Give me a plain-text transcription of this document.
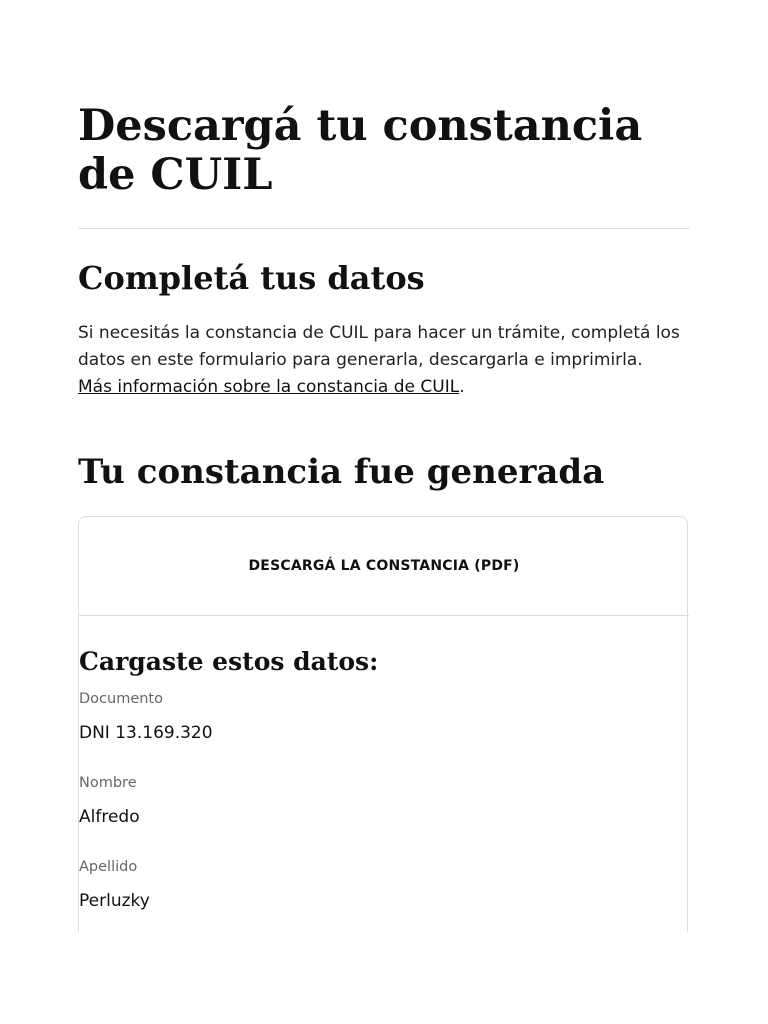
Descargá tu constancia de CUIL
Completá tus datos

Si necesitás la constancia de CUIL para hacer un trámite, completá los datos en este formulario para generarla, descargarla e imprimirla.
Más información sobre la constancia de CUIL.

Tu constancia fue generada
DESCARGÁ LA CONSTANCIA (PDF)
Cargaste estos datos:
Documento
DNI 13.169.320
Nombre
Alfredo
Apellido
Perluzky
